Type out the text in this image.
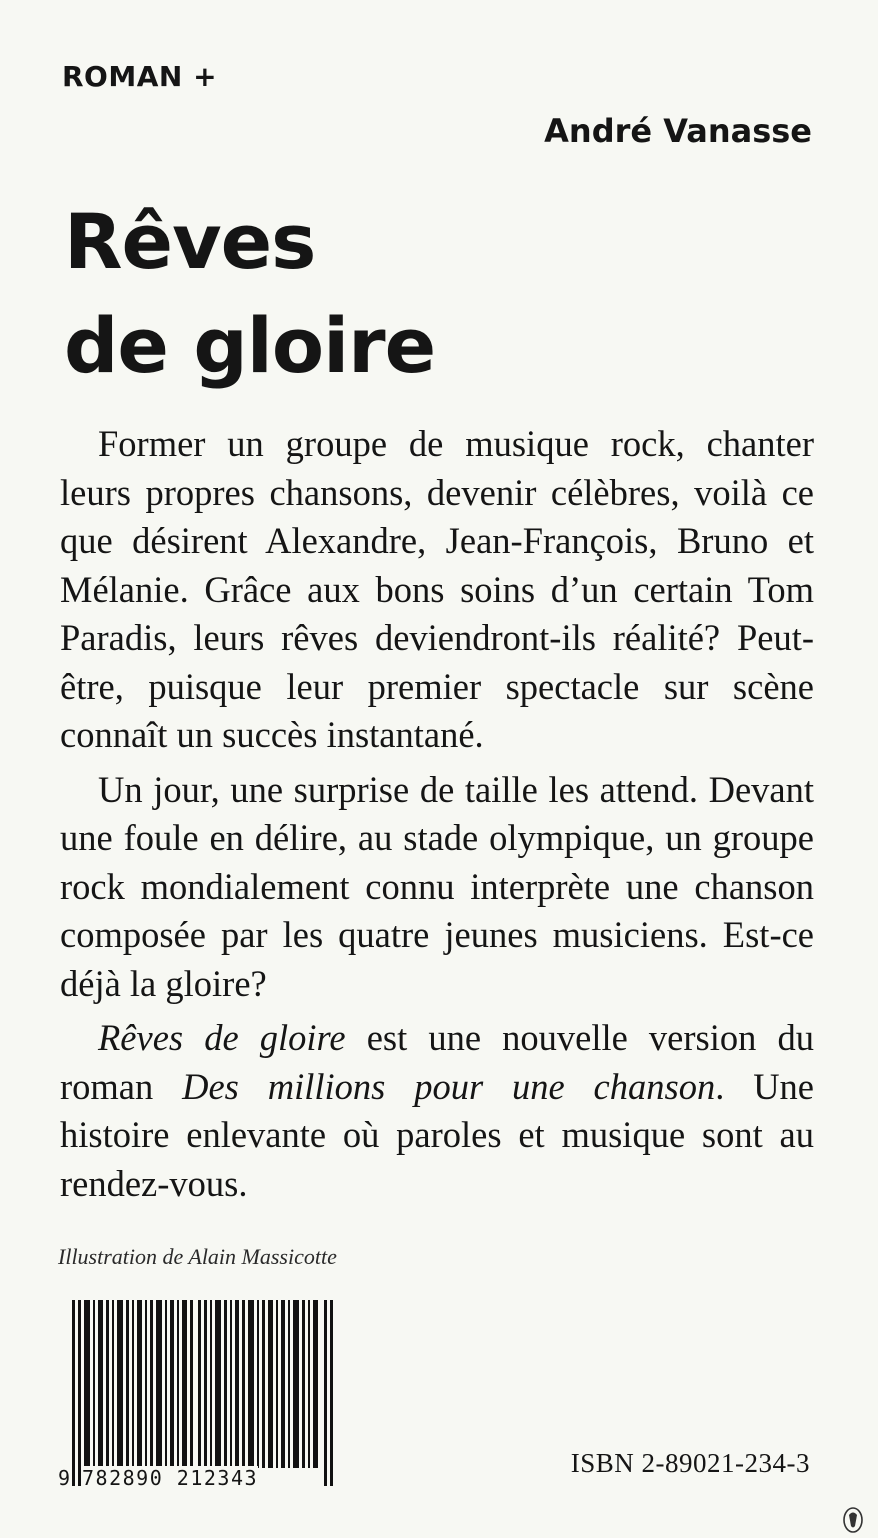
ROMAN +
André Vanasse
Rêves
de gloire

Former un groupe de musique rock, chanter leurs propres chansons, devenir célèbres, voilà ce que désirent Alexandre, Jean-François, Bruno et Mélanie. Grâce aux bons soins d’un certain Tom Paradis, leurs rêves deviendront-ils réalité? Peut-être, puisque leur premier spectacle sur scène connaît un succès instantané.

Un jour, une surprise de taille les attend. Devant une foule en délire, au stade olympique, un groupe rock mondialement connu interprète une chanson composée par les quatre jeunes musiciens. Est-ce déjà la gloire?

Rêves de gloire est une nouvelle version du roman Des millions pour une chanson. Une histoire enlevante où paroles et musique sont au rendez-vous.

Illustration de Alain Massicotte
9 782890 212343	ISBN 2-89021-234-3
